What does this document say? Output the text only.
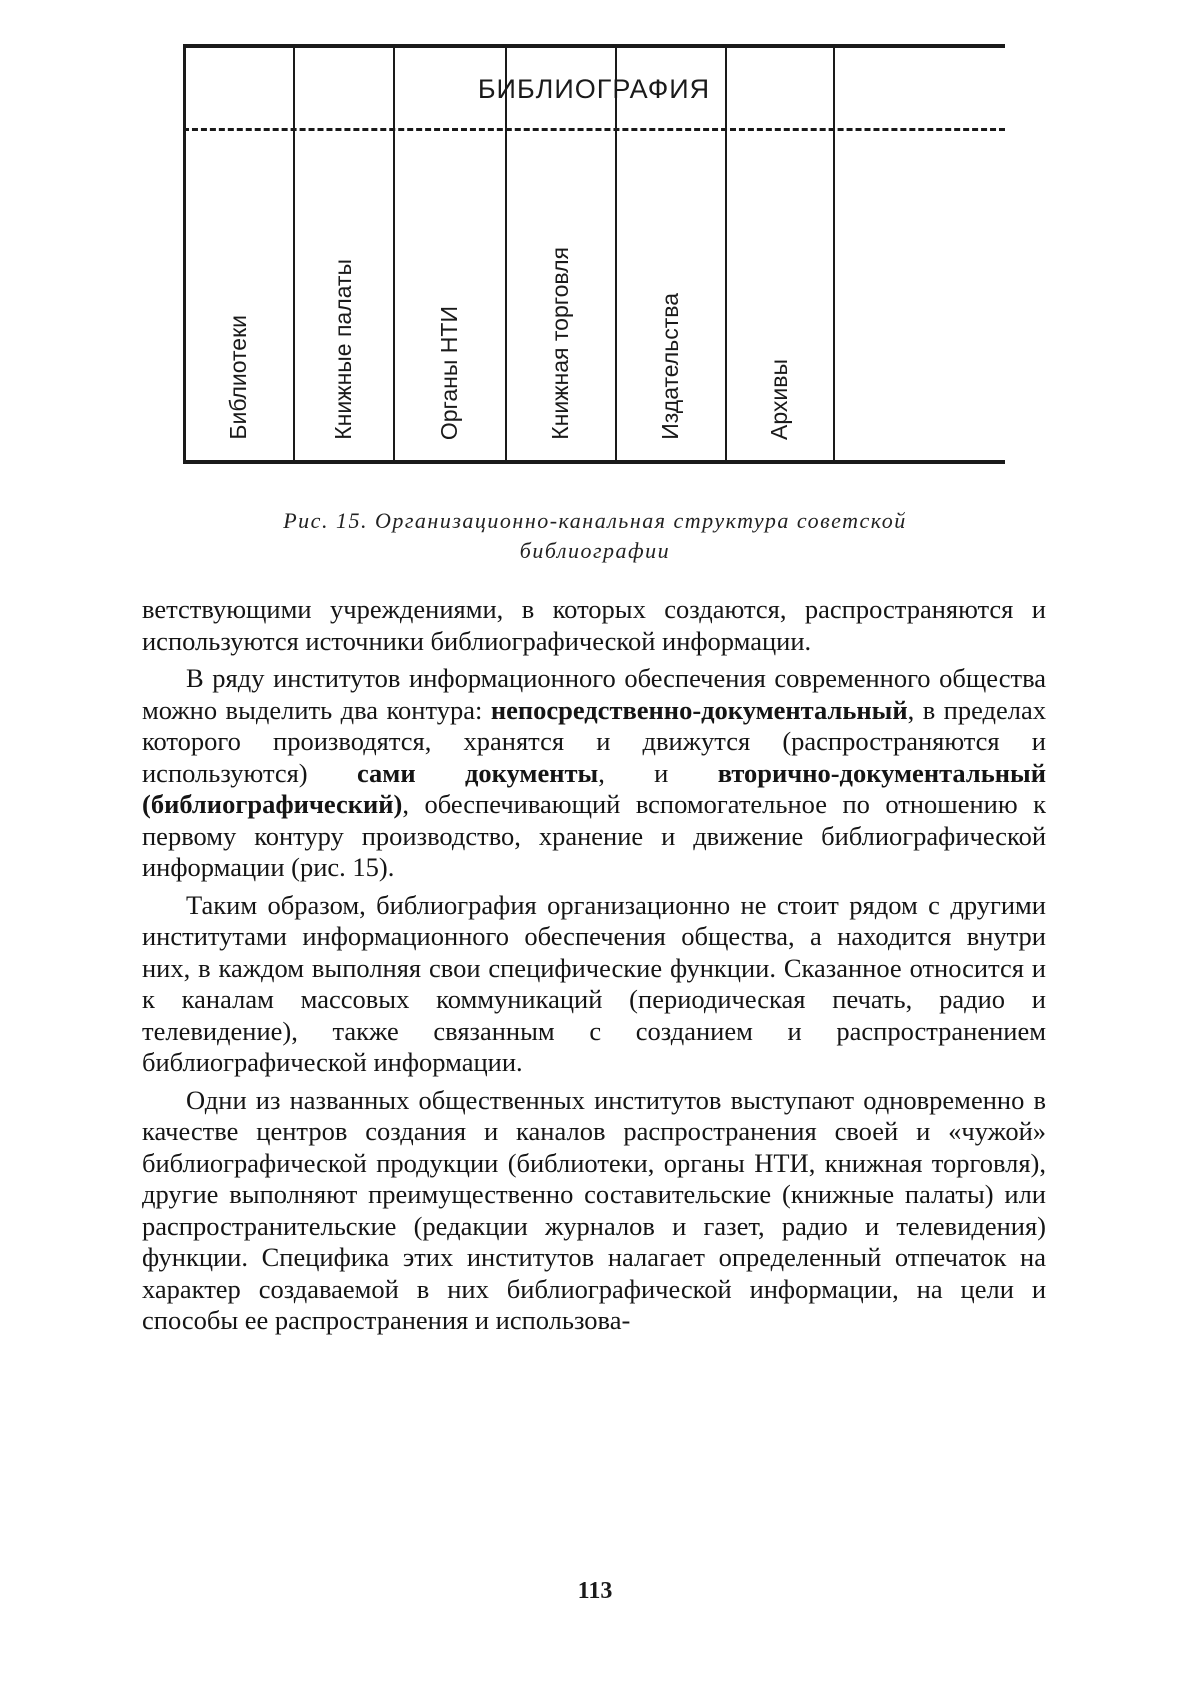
БИБЛИОГРАФИЯ
Библиотеки	Книжные палаты	Органы НТИ	Книжная торговля	Издательства	Архивы
Рис. 15. Организационно-канальная структура советской
библиографии

ветствующими учреждениями, в которых создаются, распространяются и используются источники библиографической информации.

В ряду институтов информационного обеспечения современного общества можно выделить два контура: непосредственно-документальный, в пределах которого производятся, хранятся и движутся (распространяются и используются) сами документы, и вторично-документальный (библиографический), обеспечивающий вспомогательное по отношению к первому контуру производство, хранение и движение библиографической информации (рис. 15).

Таким образом, библиография организационно не стоит рядом с другими институтами информационного обеспечения общества, а находится внутри них, в каждом выполняя свои специфические функции. Сказанное относится и к каналам массовых коммуникаций (периодическая печать, радио и телевидение), также связанным с созданием и распространением библиографической информации.

Одни из названных общественных институтов выступают одновременно в качестве центров создания и каналов распространения своей и «чужой» библиографической продукции (библиотеки, органы НТИ, книжная торговля), другие выполняют преимущественно составительские (книжные палаты) или распространительские (редакции журналов и газет, радио и телевидения) функции. Специфика этих институтов налагает определенный отпечаток на характер создаваемой в них библиографической информации, на цели и способы ее распространения и использова-

113
